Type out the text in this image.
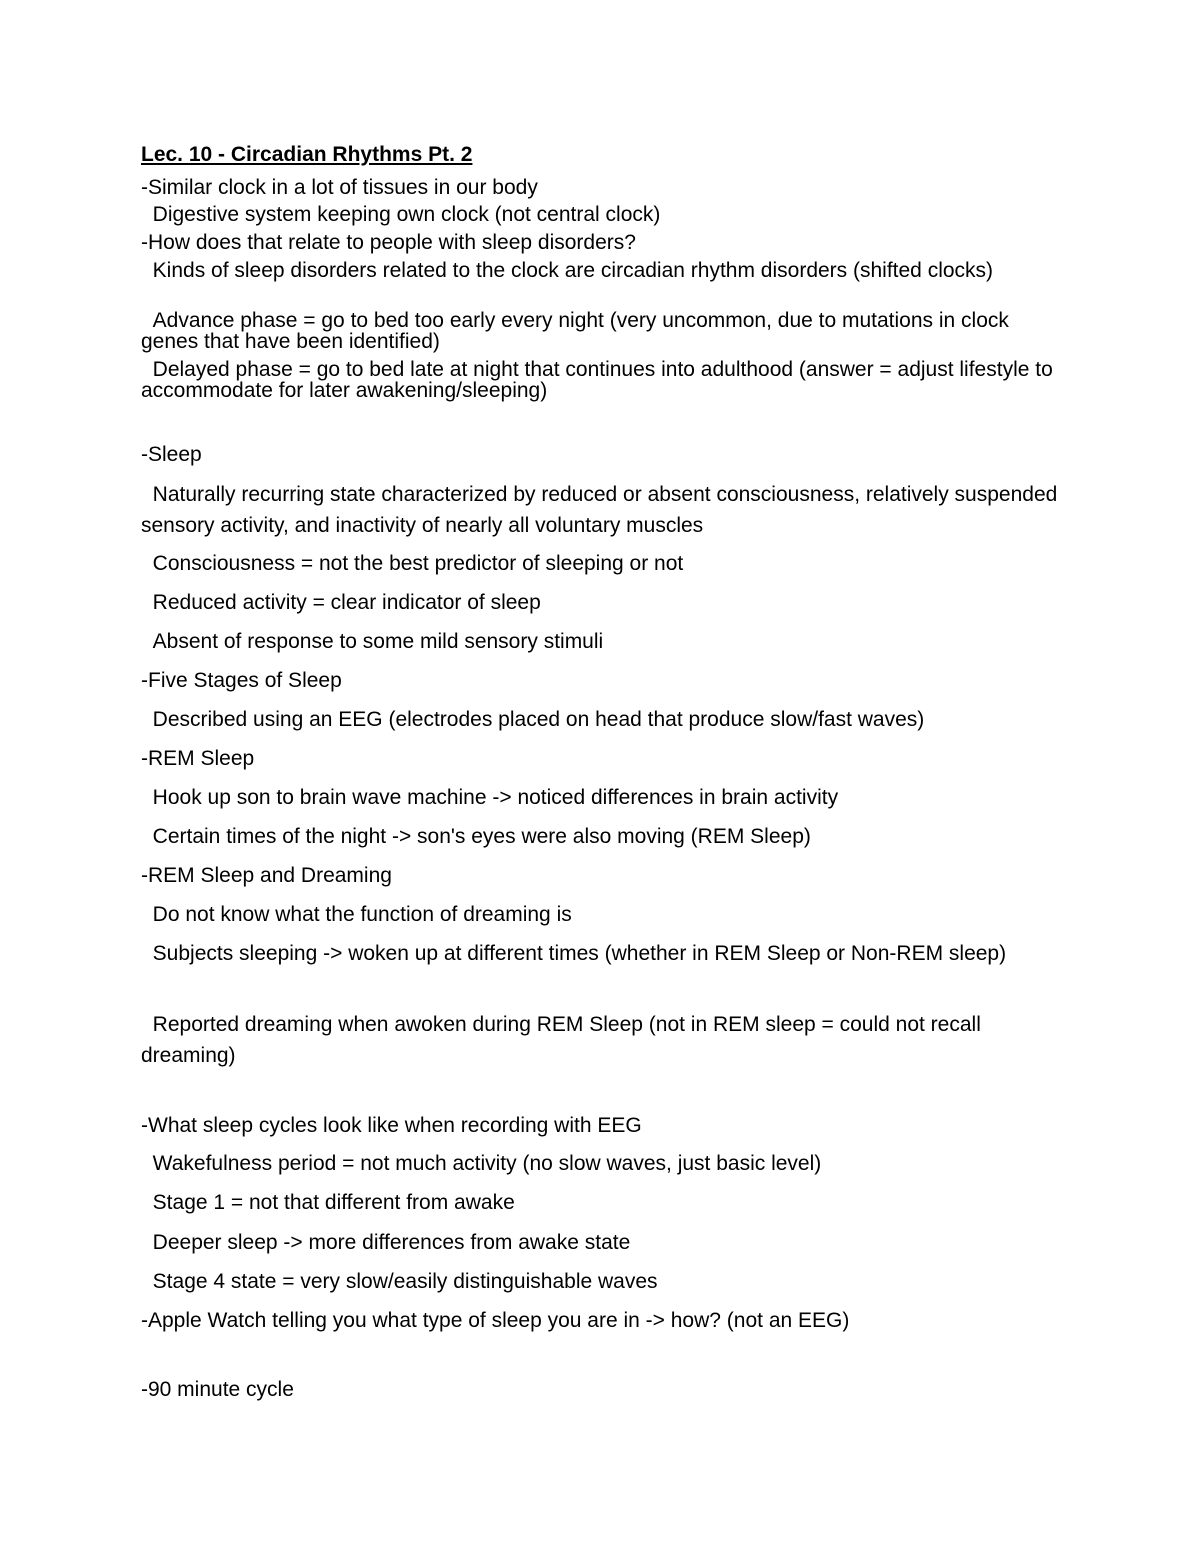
Lec. 10 - Circadian Rhythms Pt. 2

-Similar clock in a lot of tissues in our body

Digestive system keeping own clock (not central clock)

-How does that relate to people with sleep disorders?

Kinds of sleep disorders related to the clock are circadian rhythm disorders (shifted clocks)

Advance phase = go to bed too early every night (very uncommon, due to mutations in clock genes that have been identified)

Delayed phase = go to bed late at night that continues into adulthood (answer = adjust lifestyle to accommodate for later awakening/sleeping)

-Sleep

Naturally recurring state characterized by reduced or absent consciousness, relatively suspended sensory activity, and inactivity of nearly all voluntary muscles

Consciousness = not the best predictor of sleeping or not

Reduced activity = clear indicator of sleep

Absent of response to some mild sensory stimuli

-Five Stages of Sleep

Described using an EEG (electrodes placed on head that produce slow/fast waves)

-REM Sleep

Hook up son to brain wave machine -> noticed differences in brain activity

Certain times of the night -> son's eyes were also moving (REM Sleep)

-REM Sleep and Dreaming

Do not know what the function of dreaming is

Subjects sleeping -> woken up at different times (whether in REM Sleep or Non-REM sleep)

Reported dreaming when awoken during REM Sleep (not in REM sleep = could not recall dreaming)

-What sleep cycles look like when recording with EEG

Wakefulness period = not much activity (no slow waves, just basic level)

Stage 1 = not that different from awake

Deeper sleep -> more differences from awake state

Stage 4 state = very slow/easily distinguishable waves

-Apple Watch telling you what type of sleep you are in -> how? (not an EEG)

-90 minute cycle
